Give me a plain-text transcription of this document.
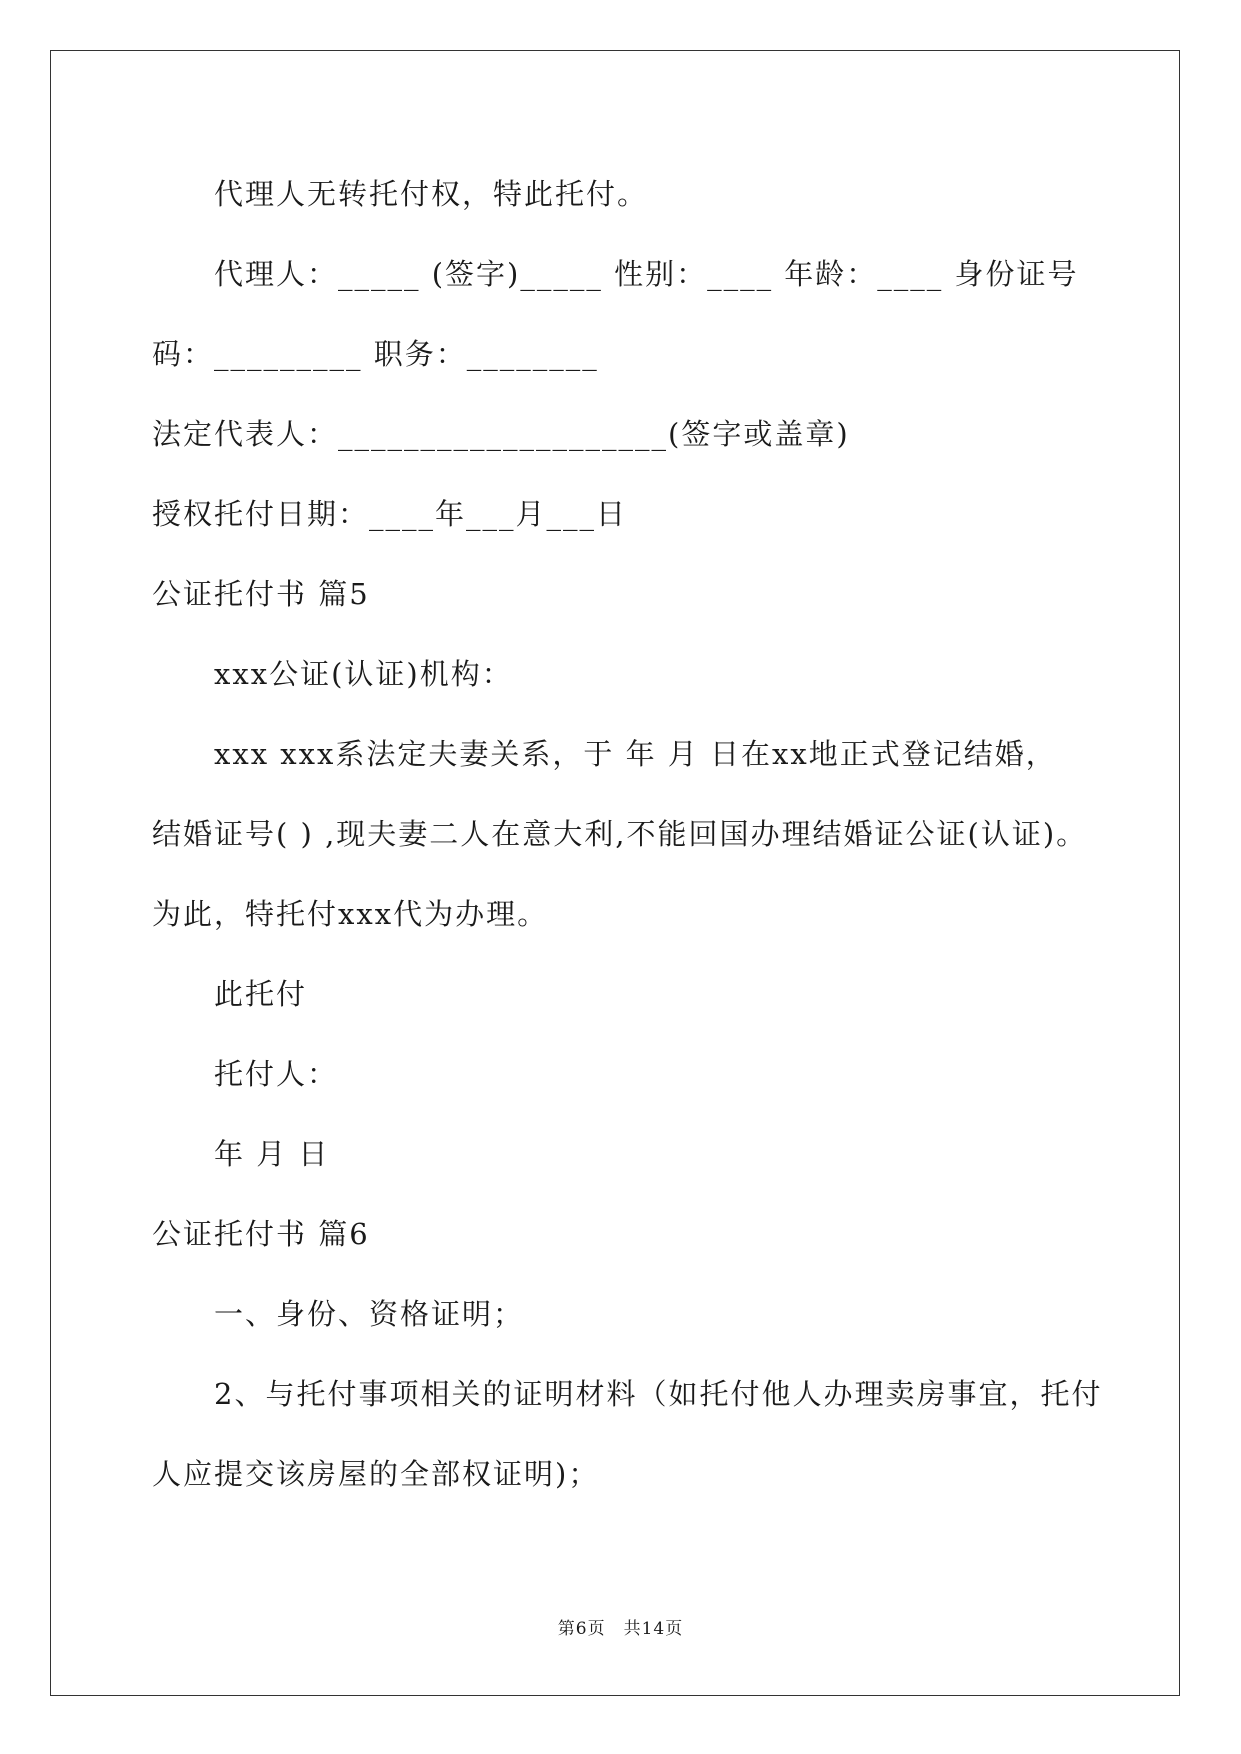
代理人无转托付权，特此托付。
代理人：_____ (签字)_____ 性别：____ 年龄：____ 身份证号
码：_________ 职务：________
法定代表人：____________________(签字或盖章)
授权托付日期：____年___月___日
公证托付书 篇5
xxx公证(认证)机构：
xxx xxx系法定夫妻关系，于 年 月 日在xx地正式登记结婚，
结婚证号( ) ,现夫妻二人在意大利,不能回国办理结婚证公证(认证)。
为此，特托付xxx代为办理。
此托付
托付人：
年 月 日
公证托付书 篇6
一、身份、资格证明；
2、与托付事项相关的证明材料（如托付他人办理卖房事宜，托付
人应提交该房屋的全部权证明)；
第6页　共14页
